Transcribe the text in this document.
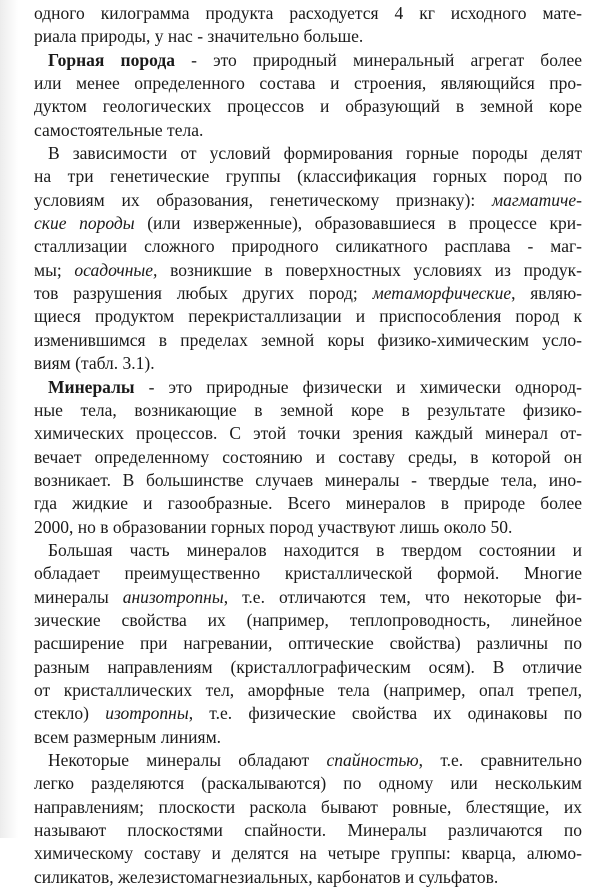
одного килограмма продукта расходуется 4 кг исходного мате-
риала природы, у нас - значительно больше.
Горная порода - это природный минеральный агрегат более
или менее определенного состава и строения, являющийся про-
дуктом геологических процессов и образующий в земной коре
самостоятельные тела.
В зависимости от условий формирования горные породы делят
на три генетические группы (классификация горных пород по
условиям их образования, генетическому признаку): магматиче-
ские породы (или изверженные), образовавшиеся в процессе кри-
сталлизации сложного природного силикатного расплава - маг-
мы; осадочные, возникшие в поверхностных условиях из продук-
тов разрушения любых других пород; метаморфические, являю-
щиеся продуктом перекристаллизации и приспособления пород к
изменившимся в пределах земной коры физико-химическим усло-
виям (табл. 3.1).
Минералы - это природные физически и химически однород-
ные тела, возникающие в земной коре в результате физико-
химических процессов. С этой точки зрения каждый минерал от-
вечает определенному состоянию и составу среды, в которой он
возникает. В большинстве случаев минералы - твердые тела, ино-
гда жидкие и газообразные. Всего минералов в природе более
2000, но в образовании горных пород участвуют лишь около 50.
Большая часть минералов находится в твердом состоянии и
обладает преимущественно кристаллической формой. Многие
минералы анизотропны, т.е. отличаются тем, что некоторые фи-
зические свойства их (например, теплопроводность, линейное
расширение при нагревании, оптические свойства) различны по
разным направлениям (кристаллографическим осям). В отличие
от кристаллических тел, аморфные тела (например, опал трепел,
стекло) изотропны, т.е. физические свойства их одинаковы по
всем размерным линиям.
Некоторые минералы обладают спайностью, т.е. сравнительно
легко разделяются (раскалываются) по одному или нескольким
направлениям; плоскости раскола бывают ровные, блестящие, их
называют плоскостями спайности. Минералы различаются по
химическому составу и делятся на четыре группы: кварца, алюмо-
силикатов, железистомагнезиальных, карбонатов и сульфатов.
